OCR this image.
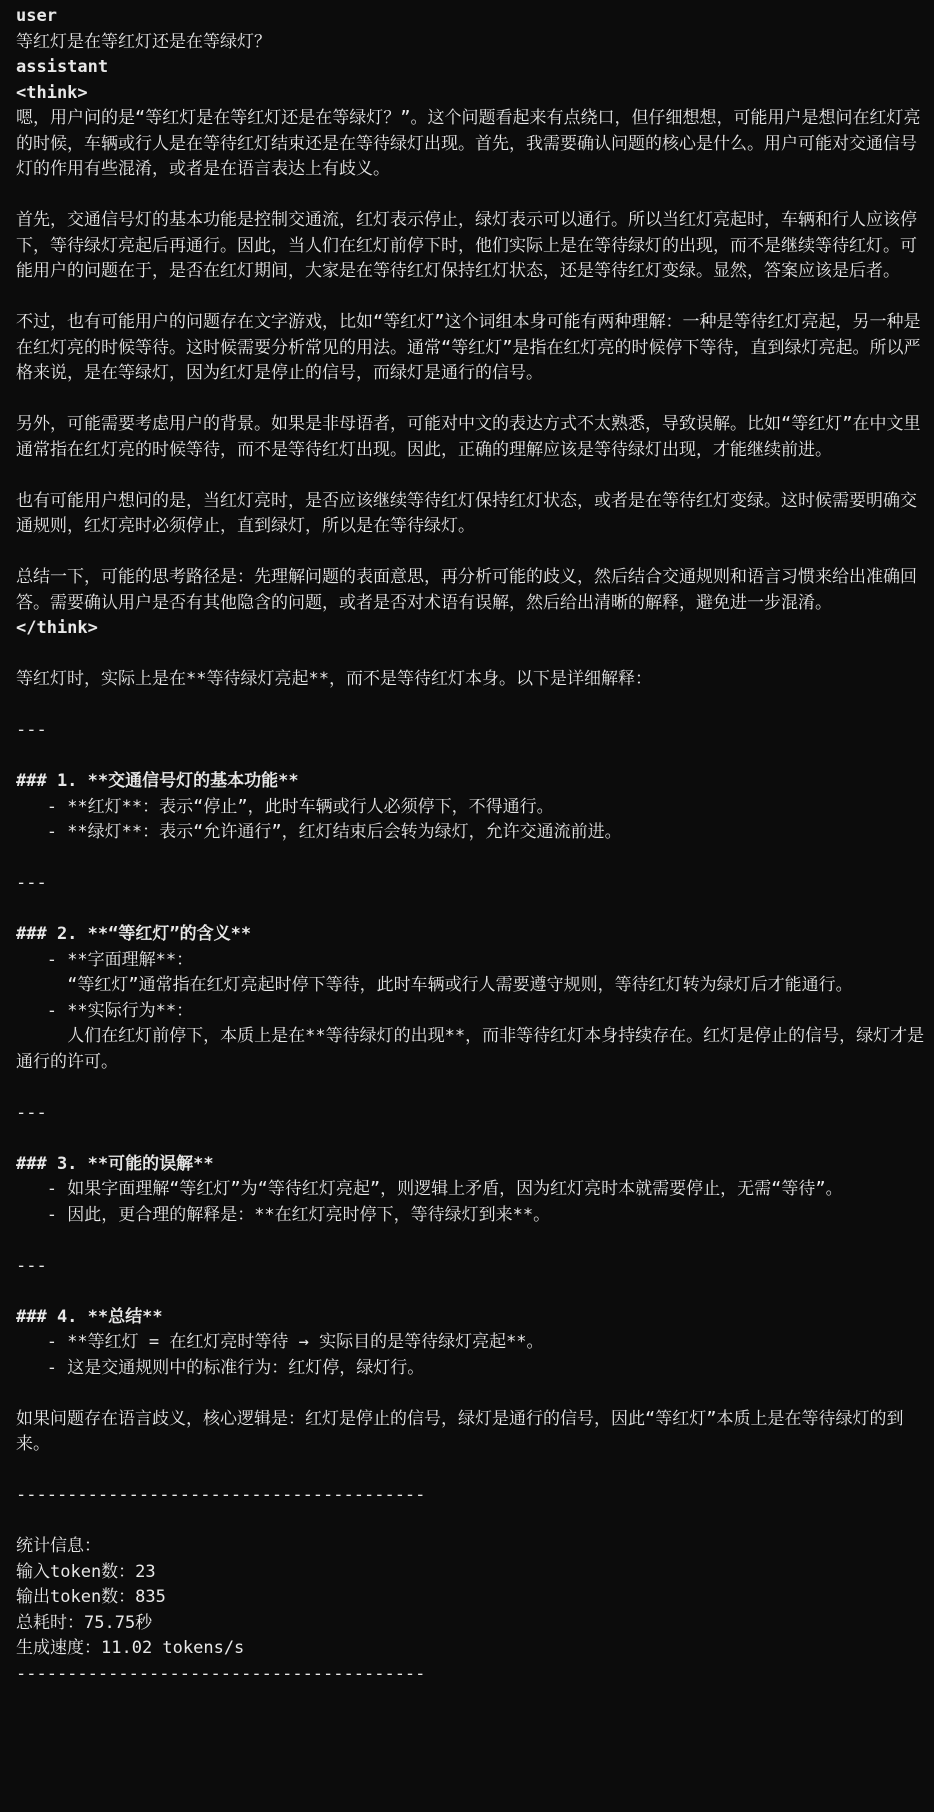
user
等红灯是在等红灯还是在等绿灯？
assistant
<think>
嗯，用户问的是“等红灯是在等红灯还是在等绿灯？”。这个问题看起来有点绕口，但仔细想想，可能用户是想问在红灯亮的时候，车辆或行人是在等待红灯结束还是在等待绿灯出现。首先，我需要确认问题的核心是什么。用户可能对交通信号灯的作用有些混淆，或者是在语言表达上有歧义。
首先，交通信号灯的基本功能是控制交通流，红灯表示停止，绿灯表示可以通行。所以当红灯亮起时，车辆和行人应该停下，等待绿灯亮起后再通行。因此，当人们在红灯前停下时，他们实际上是在等待绿灯的出现，而不是继续等待红灯。可能用户的问题在于，是否在红灯期间，大家是在等待红灯保持红灯状态，还是等待红灯变绿。显然，答案应该是后者。
不过，也有可能用户的问题存在文字游戏，比如“等红灯”这个词组本身可能有两种理解：一种是等待红灯亮起，另一种是在红灯亮的时候等待。这时候需要分析常见的用法。通常“等红灯”是指在红灯亮的时候停下等待，直到绿灯亮起。所以严格来说，是在等绿灯，因为红灯是停止的信号，而绿灯是通行的信号。
另外，可能需要考虑用户的背景。如果是非母语者，可能对中文的表达方式不太熟悉，导致误解。比如“等红灯”在中文里通常指在红灯亮的时候等待，而不是等待红灯出现。因此，正确的理解应该是等待绿灯出现，才能继续前进。
也有可能用户想问的是，当红灯亮时，是否应该继续等待红灯保持红灯状态，或者是在等待红灯变绿。这时候需要明确交通规则，红灯亮时必须停止，直到绿灯，所以是在等待绿灯。
总结一下，可能的思考路径是：先理解问题的表面意思，再分析可能的歧义，然后结合交通规则和语言习惯来给出准确回答。需要确认用户是否有其他隐含的问题，或者是否对术语有误解，然后给出清晰的解释，避免进一步混淆。
</think>
等红灯时，实际上是在**等待绿灯亮起**，而不是等待红灯本身。以下是详细解释：
---
### 1. **交通信号灯的基本功能**
- **红灯**：表示“停止”，此时车辆或行人必须停下，不得通行。
- **绿灯**：表示“允许通行”，红灯结束后会转为绿灯，允许交通流前进。
---
### 2. **“等红灯”的含义**
- **字面理解**：
“等红灯”通常指在红灯亮起时停下等待，此时车辆或行人需要遵守规则，等待红灯转为绿灯后才能通行。
- **实际行为**：
人们在红灯前停下，本质上是在**等待绿灯的出现**，而非等待红灯本身持续存在。红灯是停止的信号，绿灯才是通行的许可。
---
### 3. **可能的误解**
- 如果字面理解“等红灯”为“等待红灯亮起”，则逻辑上矛盾，因为红灯亮时本就需要停止，无需“等待”。
- 因此，更合理的解释是：**在红灯亮时停下，等待绿灯到来**。
---
### 4. **总结**
- **等红灯 = 在红灯亮时等待 → 实际目的是等待绿灯亮起**。
- 这是交通规则中的标准行为：红灯停，绿灯行。
如果问题存在语言歧义，核心逻辑是：红灯是停止的信号，绿灯是通行的信号，因此“等红灯”本质上是在等待绿灯的到来。
----------------------------------------
统计信息：
输入token数：23
输出token数：835
总耗时：75.75秒
生成速度：11.02 tokens/s
----------------------------------------
